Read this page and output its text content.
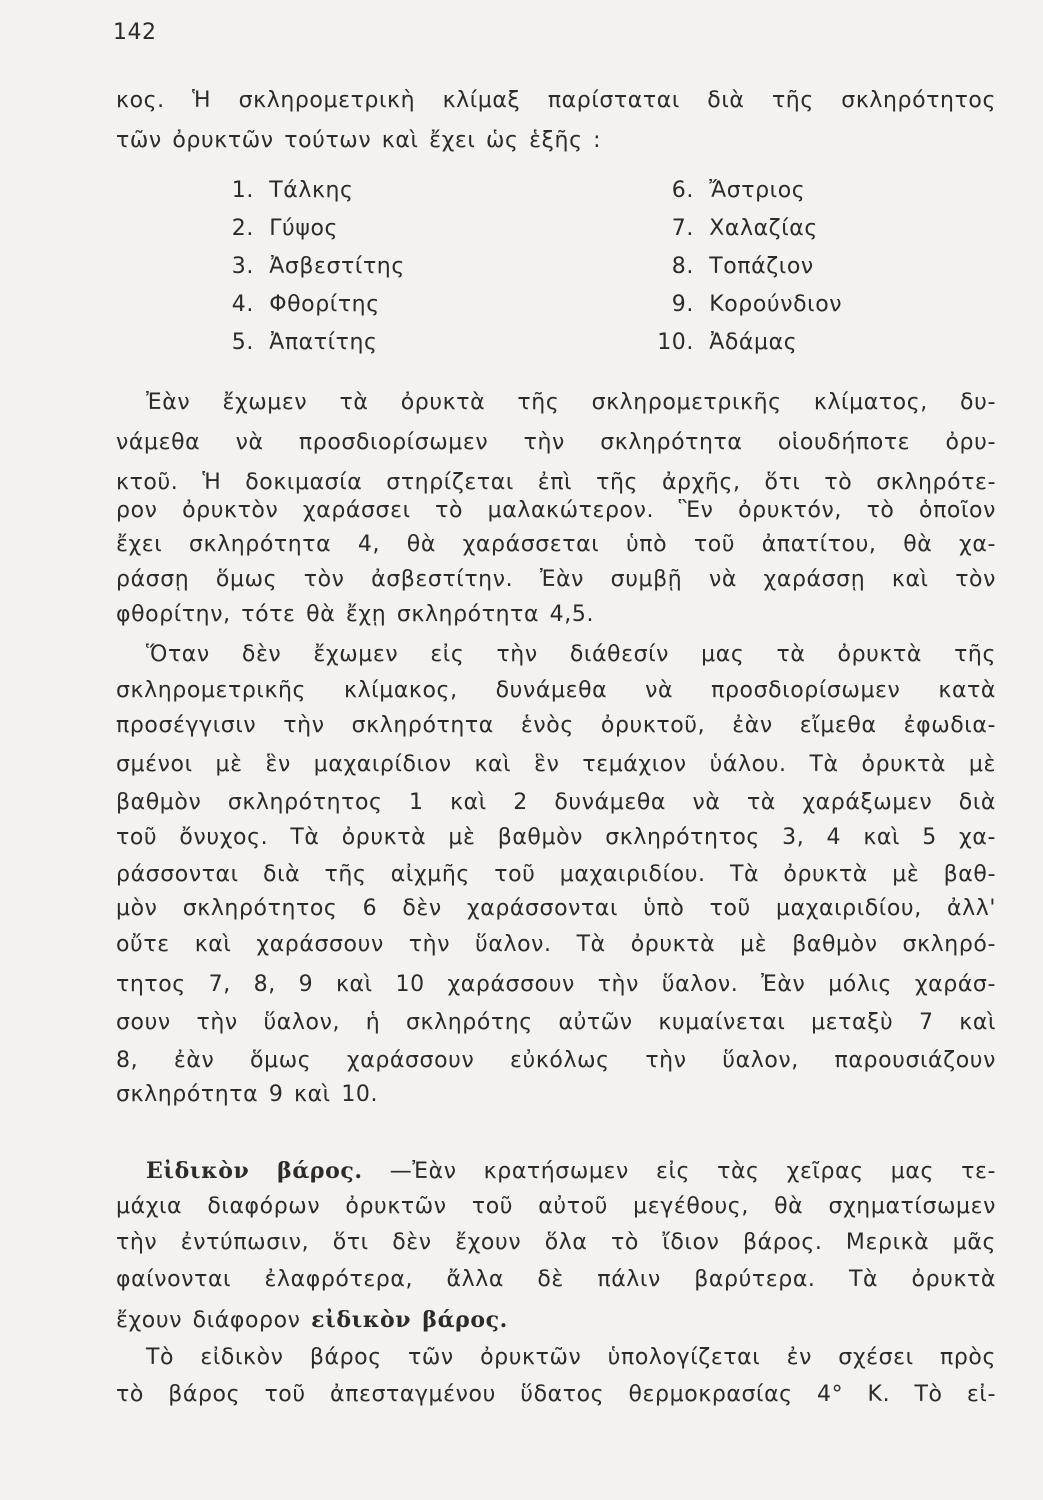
142
κος. Ἡ σκληρομετρικὴ κλίμαξ παρίσταται διὰ τῆς σκληρότητος
τῶν ὀρυκτῶν τούτων καὶ ἔχει ὡς ἑξῆς :
1. Τάλκης
2. Γύψος
3. Ἀσβεστίτης
4. Φθορίτης
5. Ἀπατίτης
6. Ἄστριος
7. Χαλαζίας
8. Τοπάζιον
9. Κορούνδιον
10. Ἀδάμας
Ἐὰν ἔχωμεν τὰ ὀρυκτὰ τῆς σκληρομετρικῆς κλίματος, δυ-
νάμεθα νὰ προσδιορίσωμεν τὴν σκληρότητα οἱουδήποτε ὀρυ-
κτοῦ. Ἡ δοκιμασία στηρίζεται ἐπὶ τῆς ἀρχῆς, ὅτι τὸ σκληρότε-
ρον ὀρυκτὸν χαράσσει τὸ μαλακώτερον. Ἓν ὀρυκτόν, τὸ ὁποῖον
ἔχει σκληρότητα 4, θὰ χαράσσεται ὑπὸ τοῦ ἀπατίτου, θὰ χα-
ράσσῃ ὅμως τὸν ἀσβεστίτην. Ἐὰν συμβῇ νὰ χαράσσῃ καὶ τὸν
φθορίτην, τότε θὰ ἔχῃ σκληρότητα 4,5.
Ὅταν δὲν ἔχωμεν εἰς τὴν διάθεσίν μας τὰ ὀρυκτὰ τῆς
σκληρομετρικῆς κλίμακος, δυνάμεθα νὰ προσδιορίσωμεν κατὰ
προσέγγισιν τὴν σκληρότητα ἑνὸς ὀρυκτοῦ, ἐὰν εἴμεθα ἐφωδια-
σμένοι μὲ ἓν μαχαιρίδιον καὶ ἓν τεμάχιον ὑάλου. Τὰ ὀρυκτὰ μὲ
βαθμὸν σκληρότητος 1 καὶ 2 δυνάμεθα νὰ τὰ χαράξωμεν διὰ
τοῦ ὄνυχος. Τὰ ὀρυκτὰ μὲ βαθμὸν σκληρότητος 3, 4 καὶ 5 χα-
ράσσονται διὰ τῆς αἰχμῆς τοῦ μαχαιριδίου. Τὰ ὀρυκτὰ μὲ βαθ-
μὸν σκληρότητος 6 δὲν χαράσσονται ὑπὸ τοῦ μαχαιριδίου, ἀλλ'
οὔτε καὶ χαράσσουν τὴν ὕαλον. Τὰ ὀρυκτὰ μὲ βαθμὸν σκληρό-
τητος 7, 8, 9 καὶ 10 χαράσσουν τὴν ὕαλον. Ἐὰν μόλις χαράσ-
σουν τὴν ὕαλον, ἡ σκληρότης αὐτῶν κυμαίνεται μεταξὺ 7 καὶ
8, ἐὰν ὅμως χαράσσουν εὐκόλως τὴν ὕαλον, παρουσιάζουν
σκληρότητα 9 καὶ 10.
Εἰδικὸν βάρος. —Ἐὰν κρατήσωμεν εἰς τὰς χεῖρας μας τε-
μάχια διαφόρων ὀρυκτῶν τοῦ αὐτοῦ μεγέθους, θὰ σχηματίσωμεν
τὴν ἐντύπωσιν, ὅτι δὲν ἔχουν ὅλα τὸ ἴδιον βάρος. Μερικὰ μᾶς
φαίνονται ἐλαφρότερα, ἄλλα δὲ πάλιν βαρύτερα. Τὰ ὀρυκτὰ
ἔχουν διάφορον εἰδικὸν βάρος.
Τὸ εἰδικὸν βάρος τῶν ὀρυκτῶν ὑπολογίζεται ἐν σχέσει πρὸς
τὸ βάρος τοῦ ἀπεσταγμένου ὕδατος θερμοκρασίας 4° Κ. Τὸ εἰ-
